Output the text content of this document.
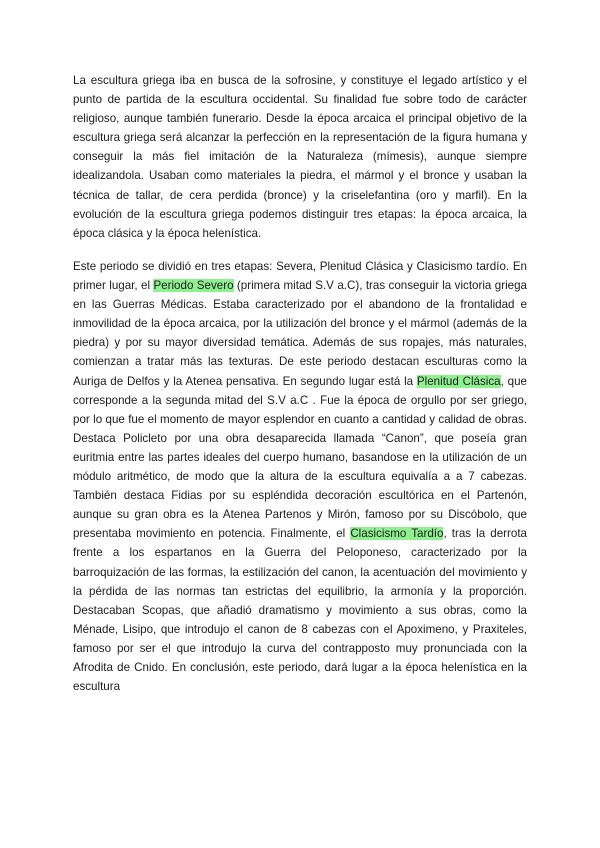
La escultura griega iba en busca de la sofrosine, y constituye el legado artístico y el punto de partida de la escultura occidental. Su finalidad fue sobre todo de carácter religioso, aunque también funerario. Desde la época arcaica el principal objetivo de la escultura griega será alcanzar la perfección en la representación de la figura humana y conseguir la más fiel imitación de la Naturaleza (mímesis), aunque siempre idealizandola. Usaban como materiales la piedra, el mármol y el bronce y usaban la técnica de tallar, de cera perdida (bronce) y la criselefantina (oro y marfil). En la evolución de la escultura griega podemos distinguir tres etapas: la época arcaica, la época clásica y la época helenística.

Este periodo se dividió en tres etapas: Severa, Plenitud Clásica y Clasicismo tardío. En primer lugar, el Periodo Severo (primera mitad S.V a.C), tras conseguir la victoria griega en las Guerras Médicas. Estaba caracterizado por el abandono de la frontalidad e inmovilidad de la época arcaica, por la utilización del bronce y el mármol (además de la piedra) y por su mayor diversidad temática. Además de sus ropajes, más naturales, comienzan a tratar más las texturas. De este periodo destacan esculturas como la Auriga de Delfos y la Atenea pensativa. En segundo lugar está la Plenitud Clásica, que corresponde a la segunda mitad del S.V a.C . Fue la época de orgullo por ser griego, por lo que fue el momento de mayor esplendor en cuanto a cantidad y calidad de obras. Destaca Policleto por una obra desaparecida llamada “Canon”, que poseía gran euritmia entre las partes ideales del cuerpo humano, basandose en la utilización de un módulo aritmético, de modo que la altura de la escultura equivalía a a 7 cabezas. También destaca Fidias por su espléndida decoración escultórica en el Partenón, aunque su gran obra es la Atenea Partenos y Mirón, famoso por su Discóbolo, que presentaba movimiento en potencia. Finalmente, el Clasicismo Tardío, tras la derrota frente a los espartanos en la Guerra del Peloponeso, caracterizado por la barroquización de las formas, la estilización del canon, la acentuación del movimiento y la pérdida de las normas tan estrictas del equilibrio, la armonía y la proporción. Destacaban Scopas, que añadió dramatismo y movimiento a sus obras, como la Ménade, Lisipo, que introdujo el canon de 8 cabezas con el Apoximeno, y Praxiteles, famoso por ser el que introdujo la curva del contrapposto muy pronunciada con la Afrodita de Cnido. En conclusión, este periodo, dará lugar a la época helenística en la escultura
